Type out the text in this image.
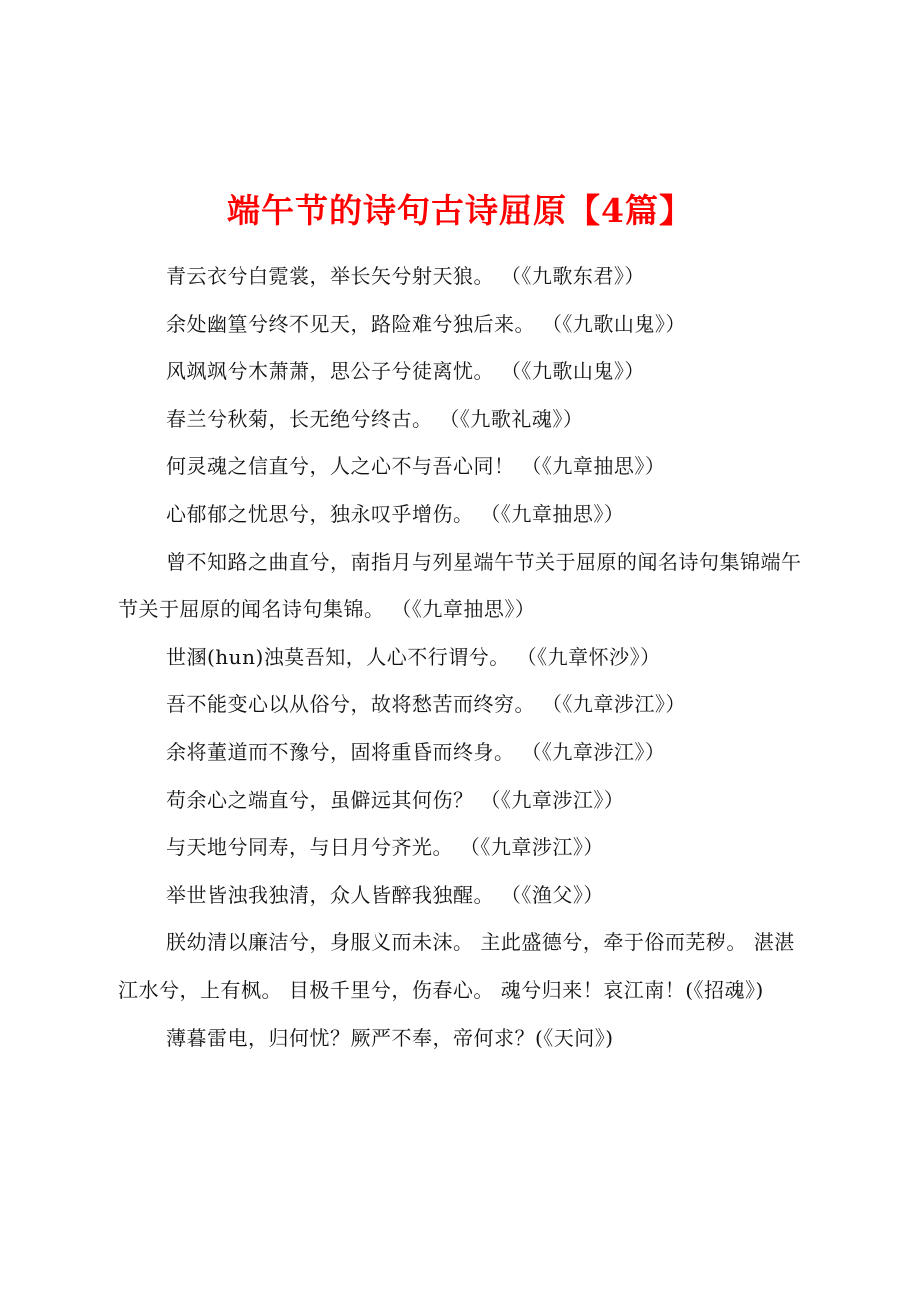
端午节的诗句古诗屈原【4篇】

青云衣兮白霓裳，举长矢兮射天狼。 （《九歌东君》）

余处幽篁兮终不见天，路险难兮独后来。 （《九歌山鬼》）

风飒飒兮木萧萧，思公子兮徒离忧。 （《九歌山鬼》）

春兰兮秋菊，长无绝兮终古。 （《九歌礼魂》）

何灵魂之信直兮，人之心不与吾心同！ （《九章抽思》）

心郁郁之忧思兮，独永叹乎增伤。 （《九章抽思》）

曾不知路之曲直兮，南指月与列星端午节关于屈原的闻名诗句集锦端午节关于屈原的闻名诗句集锦。 （《九章抽思》）

世溷(hun)浊莫吾知，人心不行谓兮。 （《九章怀沙》）

吾不能变心以从俗兮，故将愁苦而终穷。 （《九章涉江》）

余将董道而不豫兮，固将重昏而终身。 （《九章涉江》）

苟余心之端直兮，虽僻远其何伤？ （《九章涉江》）

与天地兮同寿，与日月兮齐光。 （《九章涉江》）

举世皆浊我独清，众人皆醉我独醒。 （《渔父》）

朕幼清以廉洁兮，身服义而未沫。 主此盛德兮，牵于俗而芜秽。 湛湛江水兮，上有枫。 目极千里兮，伤春心。 魂兮归来！哀江南！(《招魂》)

薄暮雷电，归何忧？厥严不奉，帝何求？(《天问》)
